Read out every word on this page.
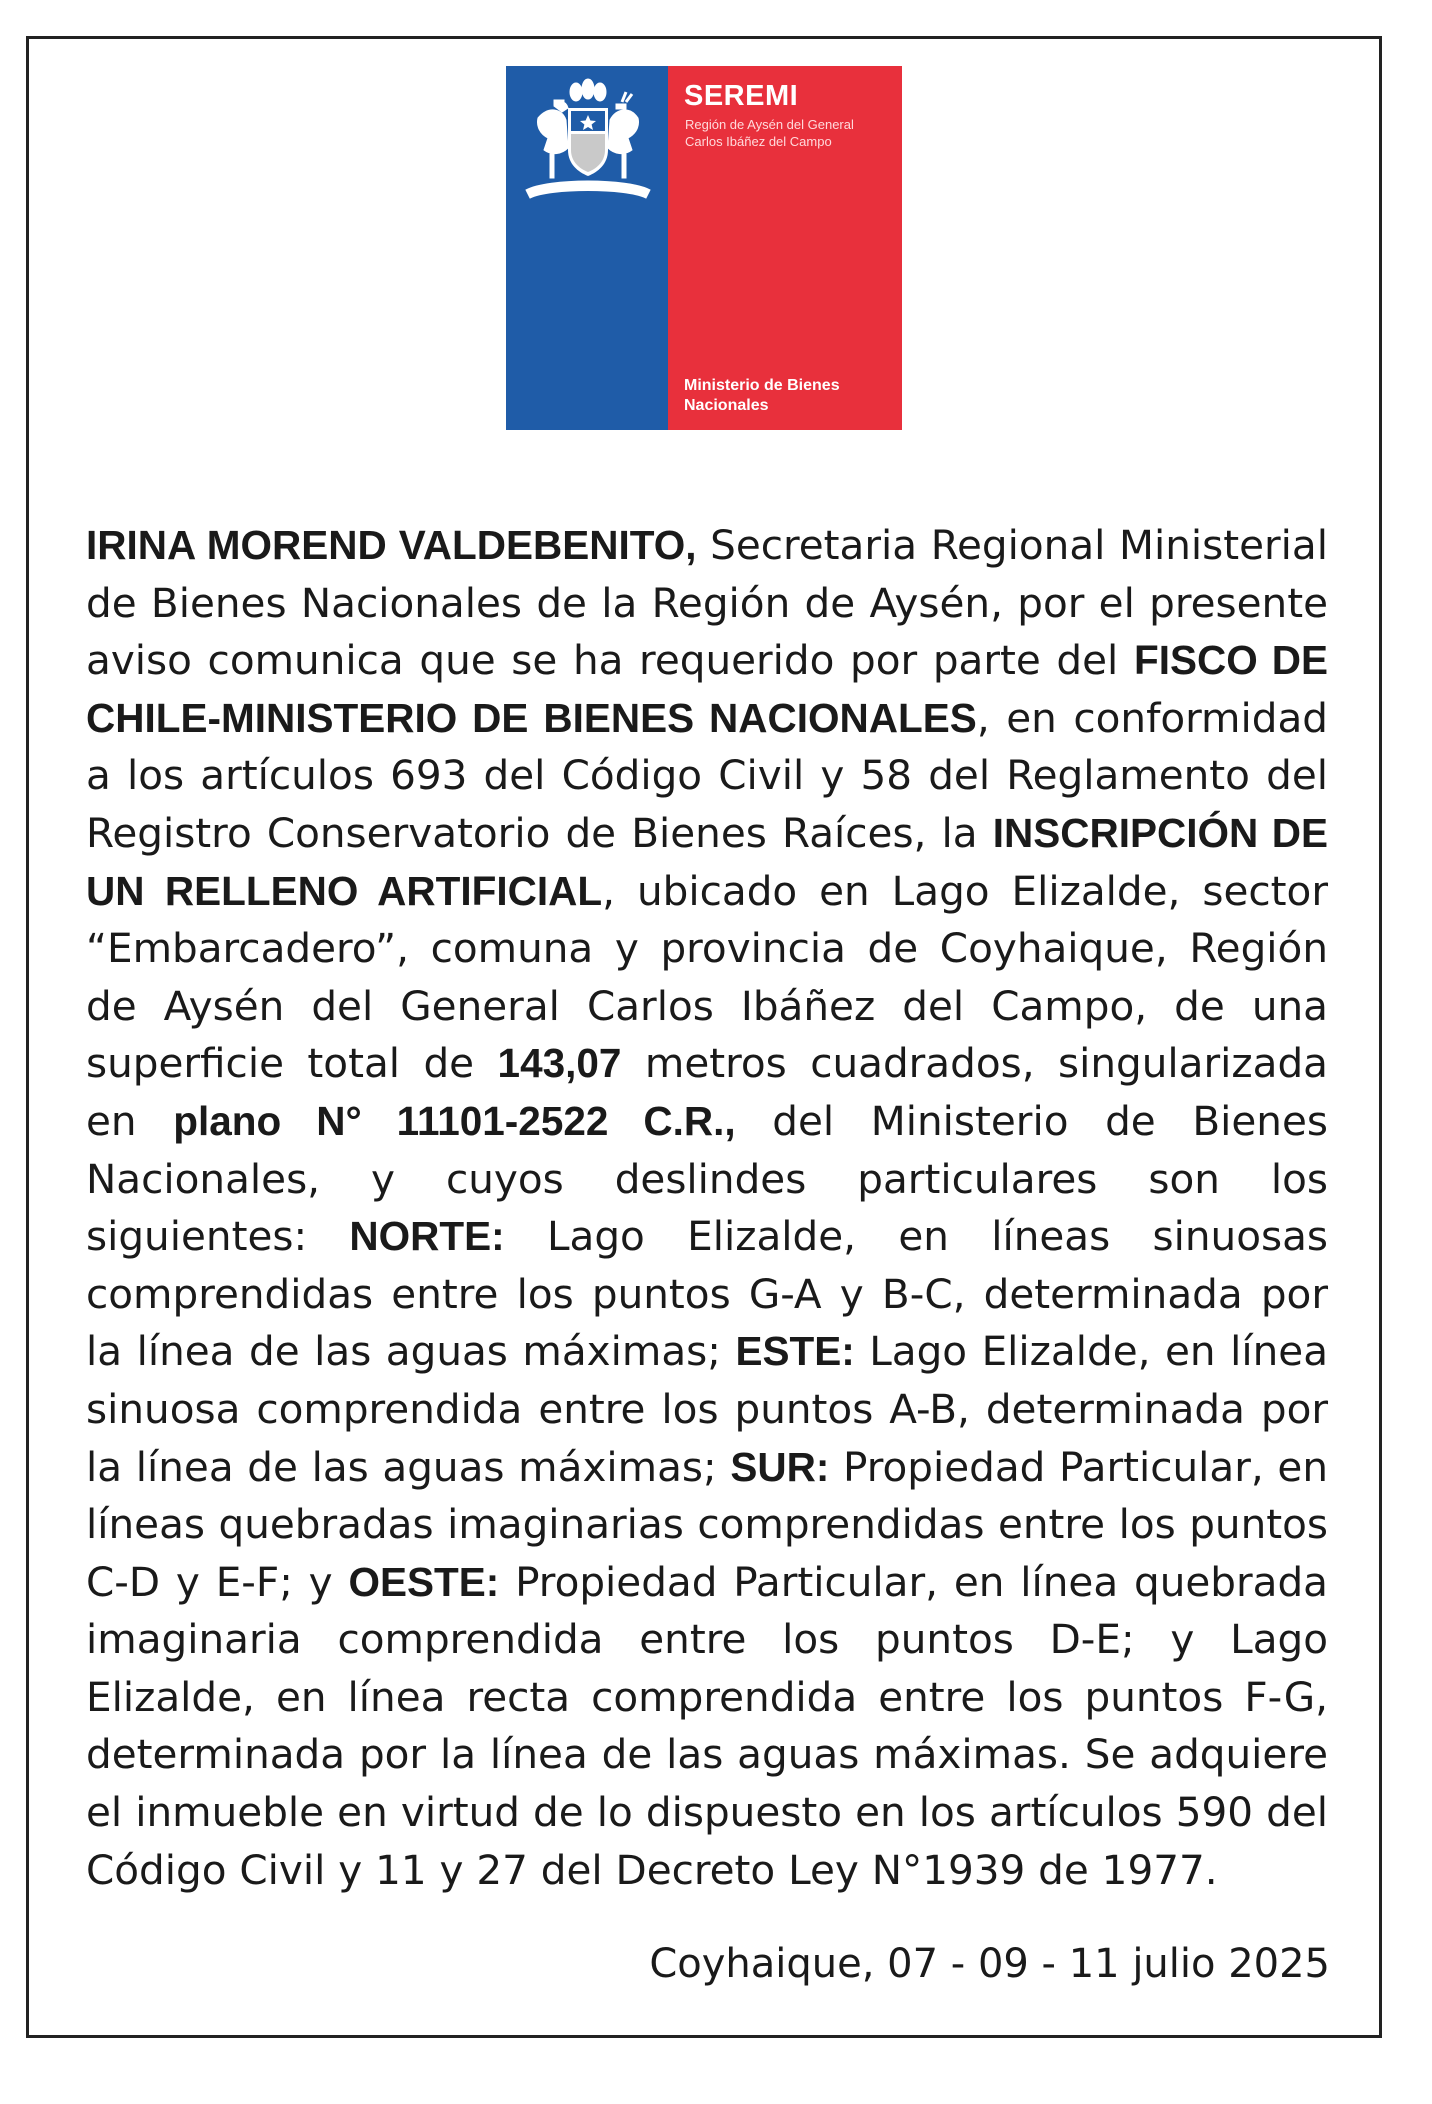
SEREMI
Región de Aysén del General Carlos Ibáñez del Campo
Ministerio de Bienes Nacionales

IRINA MOREND VALDEBENITO, Secretaria Regional Ministerial de Bienes Nacionales de la Región de Aysén, por el presente aviso comunica que se ha requerido por parte del FISCO DE CHILE-MINISTERIO DE BIENES NACIONALES, en conformidad a los artículos 693 del Código Civil y 58 del Reglamento del Registro Conservatorio de Bienes Raíces, la INSCRIPCIÓN DE UN RELLENO ARTIFICIAL, ubicado en Lago Elizalde, sector “Embarcadero”, comuna y provincia de Coyhaique, Región de Aysén del General Carlos Ibáñez del Campo, de una superficie total de 143,07 metros cuadrados, singularizada en plano N° 11101-2522 C.R., del Ministerio de Bienes Nacionales, y cuyos deslindes particulares son los siguientes: NORTE: Lago Elizalde, en líneas sinuosas comprendidas entre los puntos G-A y B-C, determinada por la línea de las aguas máximas; ESTE: Lago Elizalde, en línea sinuosa comprendida entre los puntos A-B, determinada por la línea de las aguas máximas; SUR: Propiedad Particular, en líneas quebradas imaginarias comprendidas entre los puntos C-D y E-F; y OESTE: Propiedad Particular, en línea quebrada imaginaria comprendida entre los puntos D-E; y Lago Elizalde, en línea recta comprendida entre los puntos F-G, determinada por la línea de las aguas máximas. Se adquiere el inmueble en virtud de lo dispuesto en los artículos 590 del Código Civil y 11 y 27 del Decreto Ley N°1939 de 1977.

Coyhaique, 07 - 09 - 11 julio 2025
